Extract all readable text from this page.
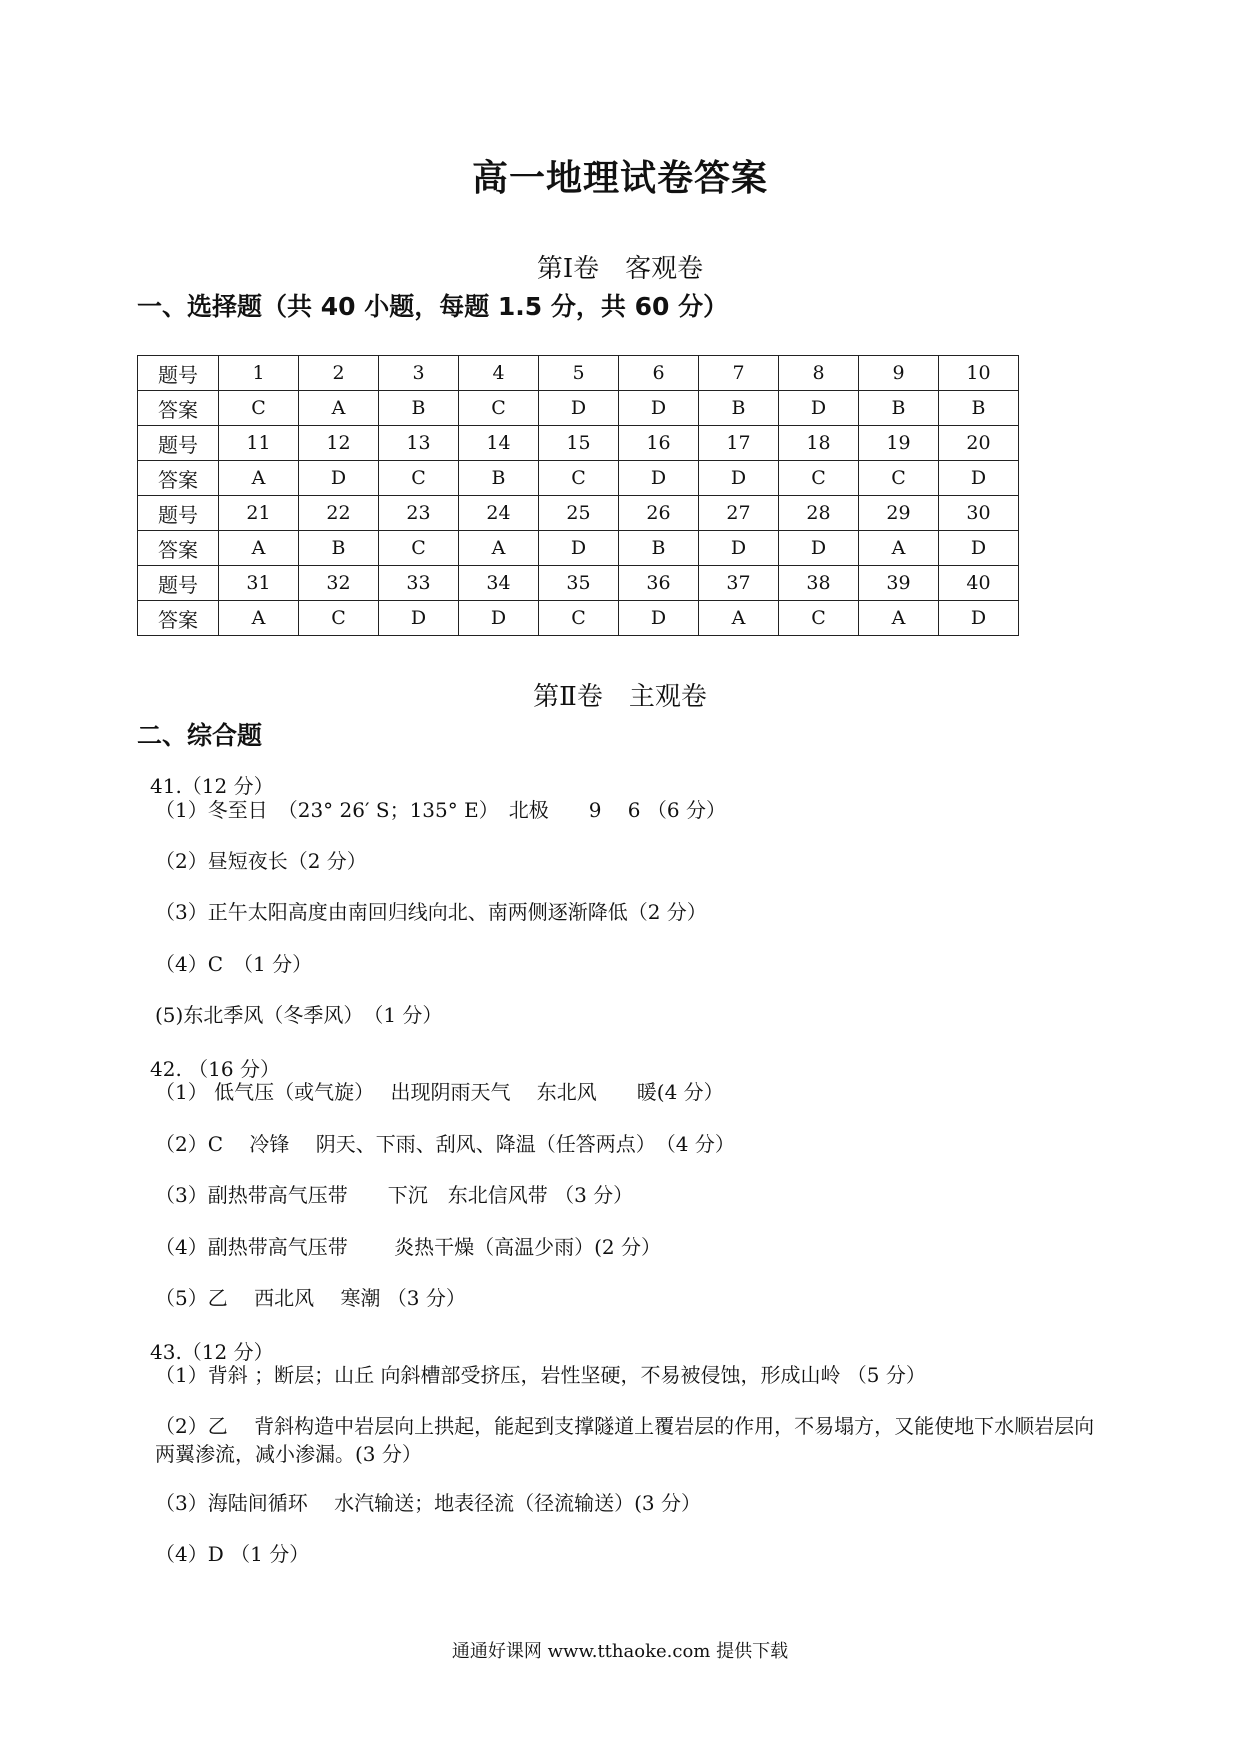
高一地理试卷答案
第Ⅰ卷 客观卷
一、选择题（共 40 小题，每题 1.5 分，共 60 分）
题号	1	2	3	4	5	6	7	8	9	10
答案	C	A	B	C	D	D	B	D	B	B
题号	11	12	13	14	15	16	17	18	19	20
答案	A	D	C	B	C	D	D	C	C	D
题号	21	22	23	24	25	26	27	28	29	30
答案	A	B	C	A	D	B	D	D	A	D
题号	31	32	33	34	35	36	37	38	39	40
答案	A	C	D	D	C	D	A	C	A	D
第Ⅱ卷 主观卷
二、综合题
41.（12 分）
（1）冬至日　（23° 26′ S；135° E）　北极　　9　 6 （6 分）
（2）昼短夜长（2 分）
（3）正午太阳高度由南回归线向北、南两侧逐渐降低（2 分）
（4）C　（1 分）
(5)东北季风（冬季风）　（1 分）
42. （16 分）
（1） 低气压（或气旋）　 出现阴雨天气　 东北风　　暖(4 分）
（2）C　 冷锋　 阴天、下雨、刮风、降温（任答两点）　（4 分）
（3）副热带高气压带　　下沉　东北信风带 （3 分）
（4）副热带高气压带　　 炎热干燥（高温少雨）(2 分）
（5）乙　 西北风　 寒潮 （3 分）
43.（12 分）
（1）背斜 ；断层；山丘 向斜槽部受挤压，岩性坚硬，不易被侵蚀，形成山岭 （5 分）
（2）乙　 背斜构造中岩层向上拱起，能起到支撑隧道上覆岩层的作用，不易塌方，又能使地下水顺岩层向两翼渗流，减小渗漏。(3 分）
（3）海陆间循环　 水汽输送；地表径流（径流输送）(3 分）
（4）D （1 分）
通通好课网 www.tthaoke.com 提供下载
